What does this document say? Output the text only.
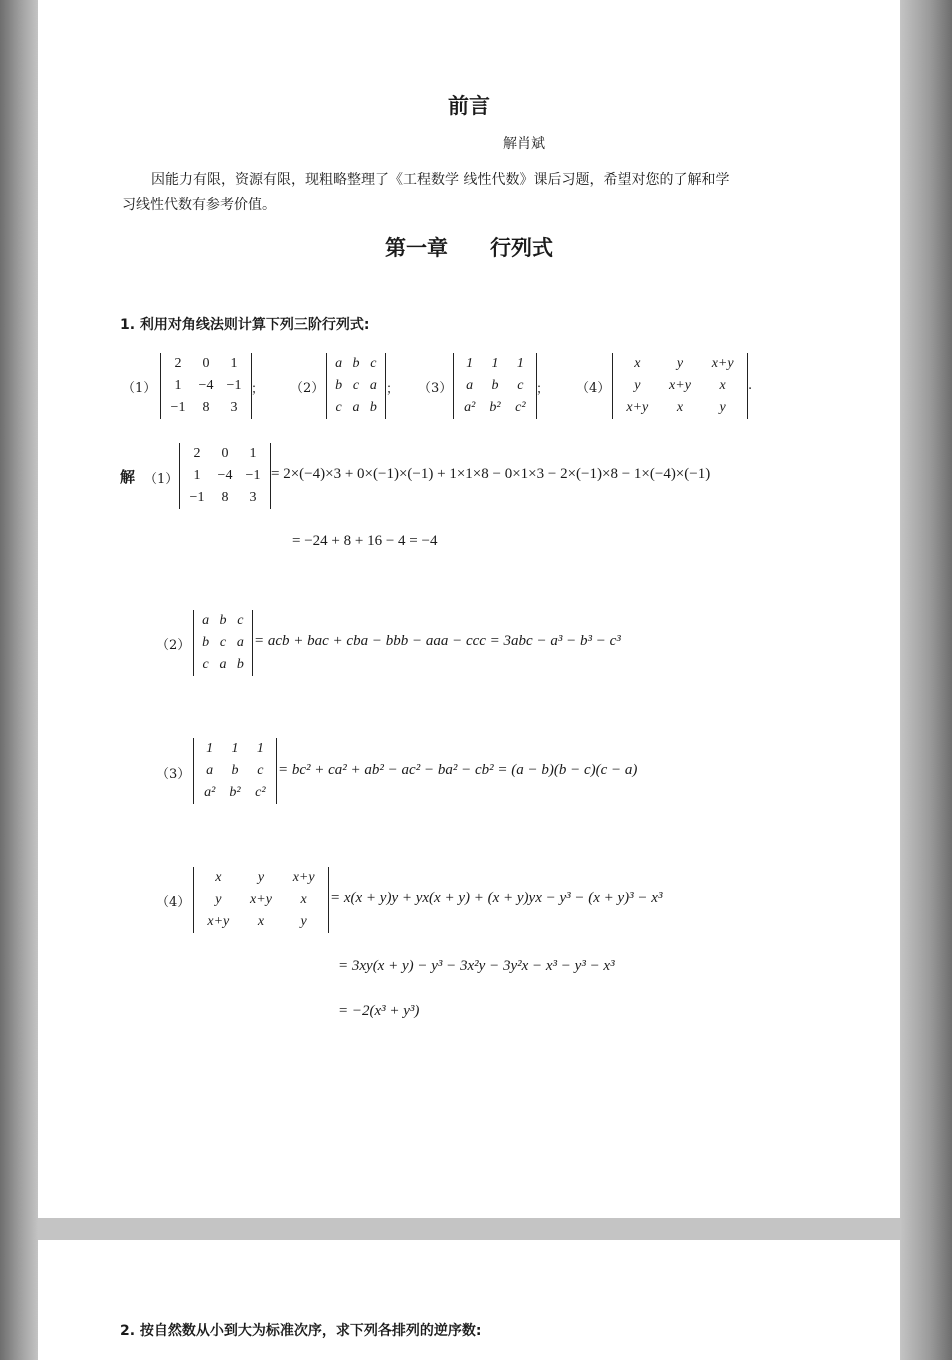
前言
解肖斌
因能力有限，资源有限，现粗略整理了《工程数学 线性代数》课后习题，希望对您的了解和学
习线性代数有参考价值。
第一章　　行列式
1. 利用对角线法则计算下列三阶行列式:
（1）
2 0 1
1 −4 −1
−1 8 3
； （2）
a b c
b c a
c a b
； （3）
1 1 1
a b c
a² b² c²
； （4）
x	y x+y
y x+y x
x+y x	y
.
解 （1）
2 0 1
1 −4 −1
−1 8 3
= 2×(−4)×3 + 0×(−1)×(−1) + 1×1×8 − 0×1×3 − 2×(−1)×8 − 1×(−4)×(−1)
= −24 + 8 + 16 − 4 = −4
（2）
a b c
b c a
c a b
= acb + bac + cba − bbb − aaa − ccc = 3abc − a³ − b³ − c³
（3）
1 1 1
a b c
a² b² c²
= bc² + ca² + ab² − ac² − ba² − cb² = (a − b)(b − c)(c − a)
（4）
x	y x+y
y x+y x
x+y x	y
= x(x + y)y + yx(x + y) + (x + y)yx − y³ − (x + y)³ − x³
= 3xy(x + y) − y³ − 3x²y − 3y²x − x³ − y³ − x³
= −2(x³ + y³)
2. 按自然数从小到大为标准次序，求下列各排列的逆序数:
